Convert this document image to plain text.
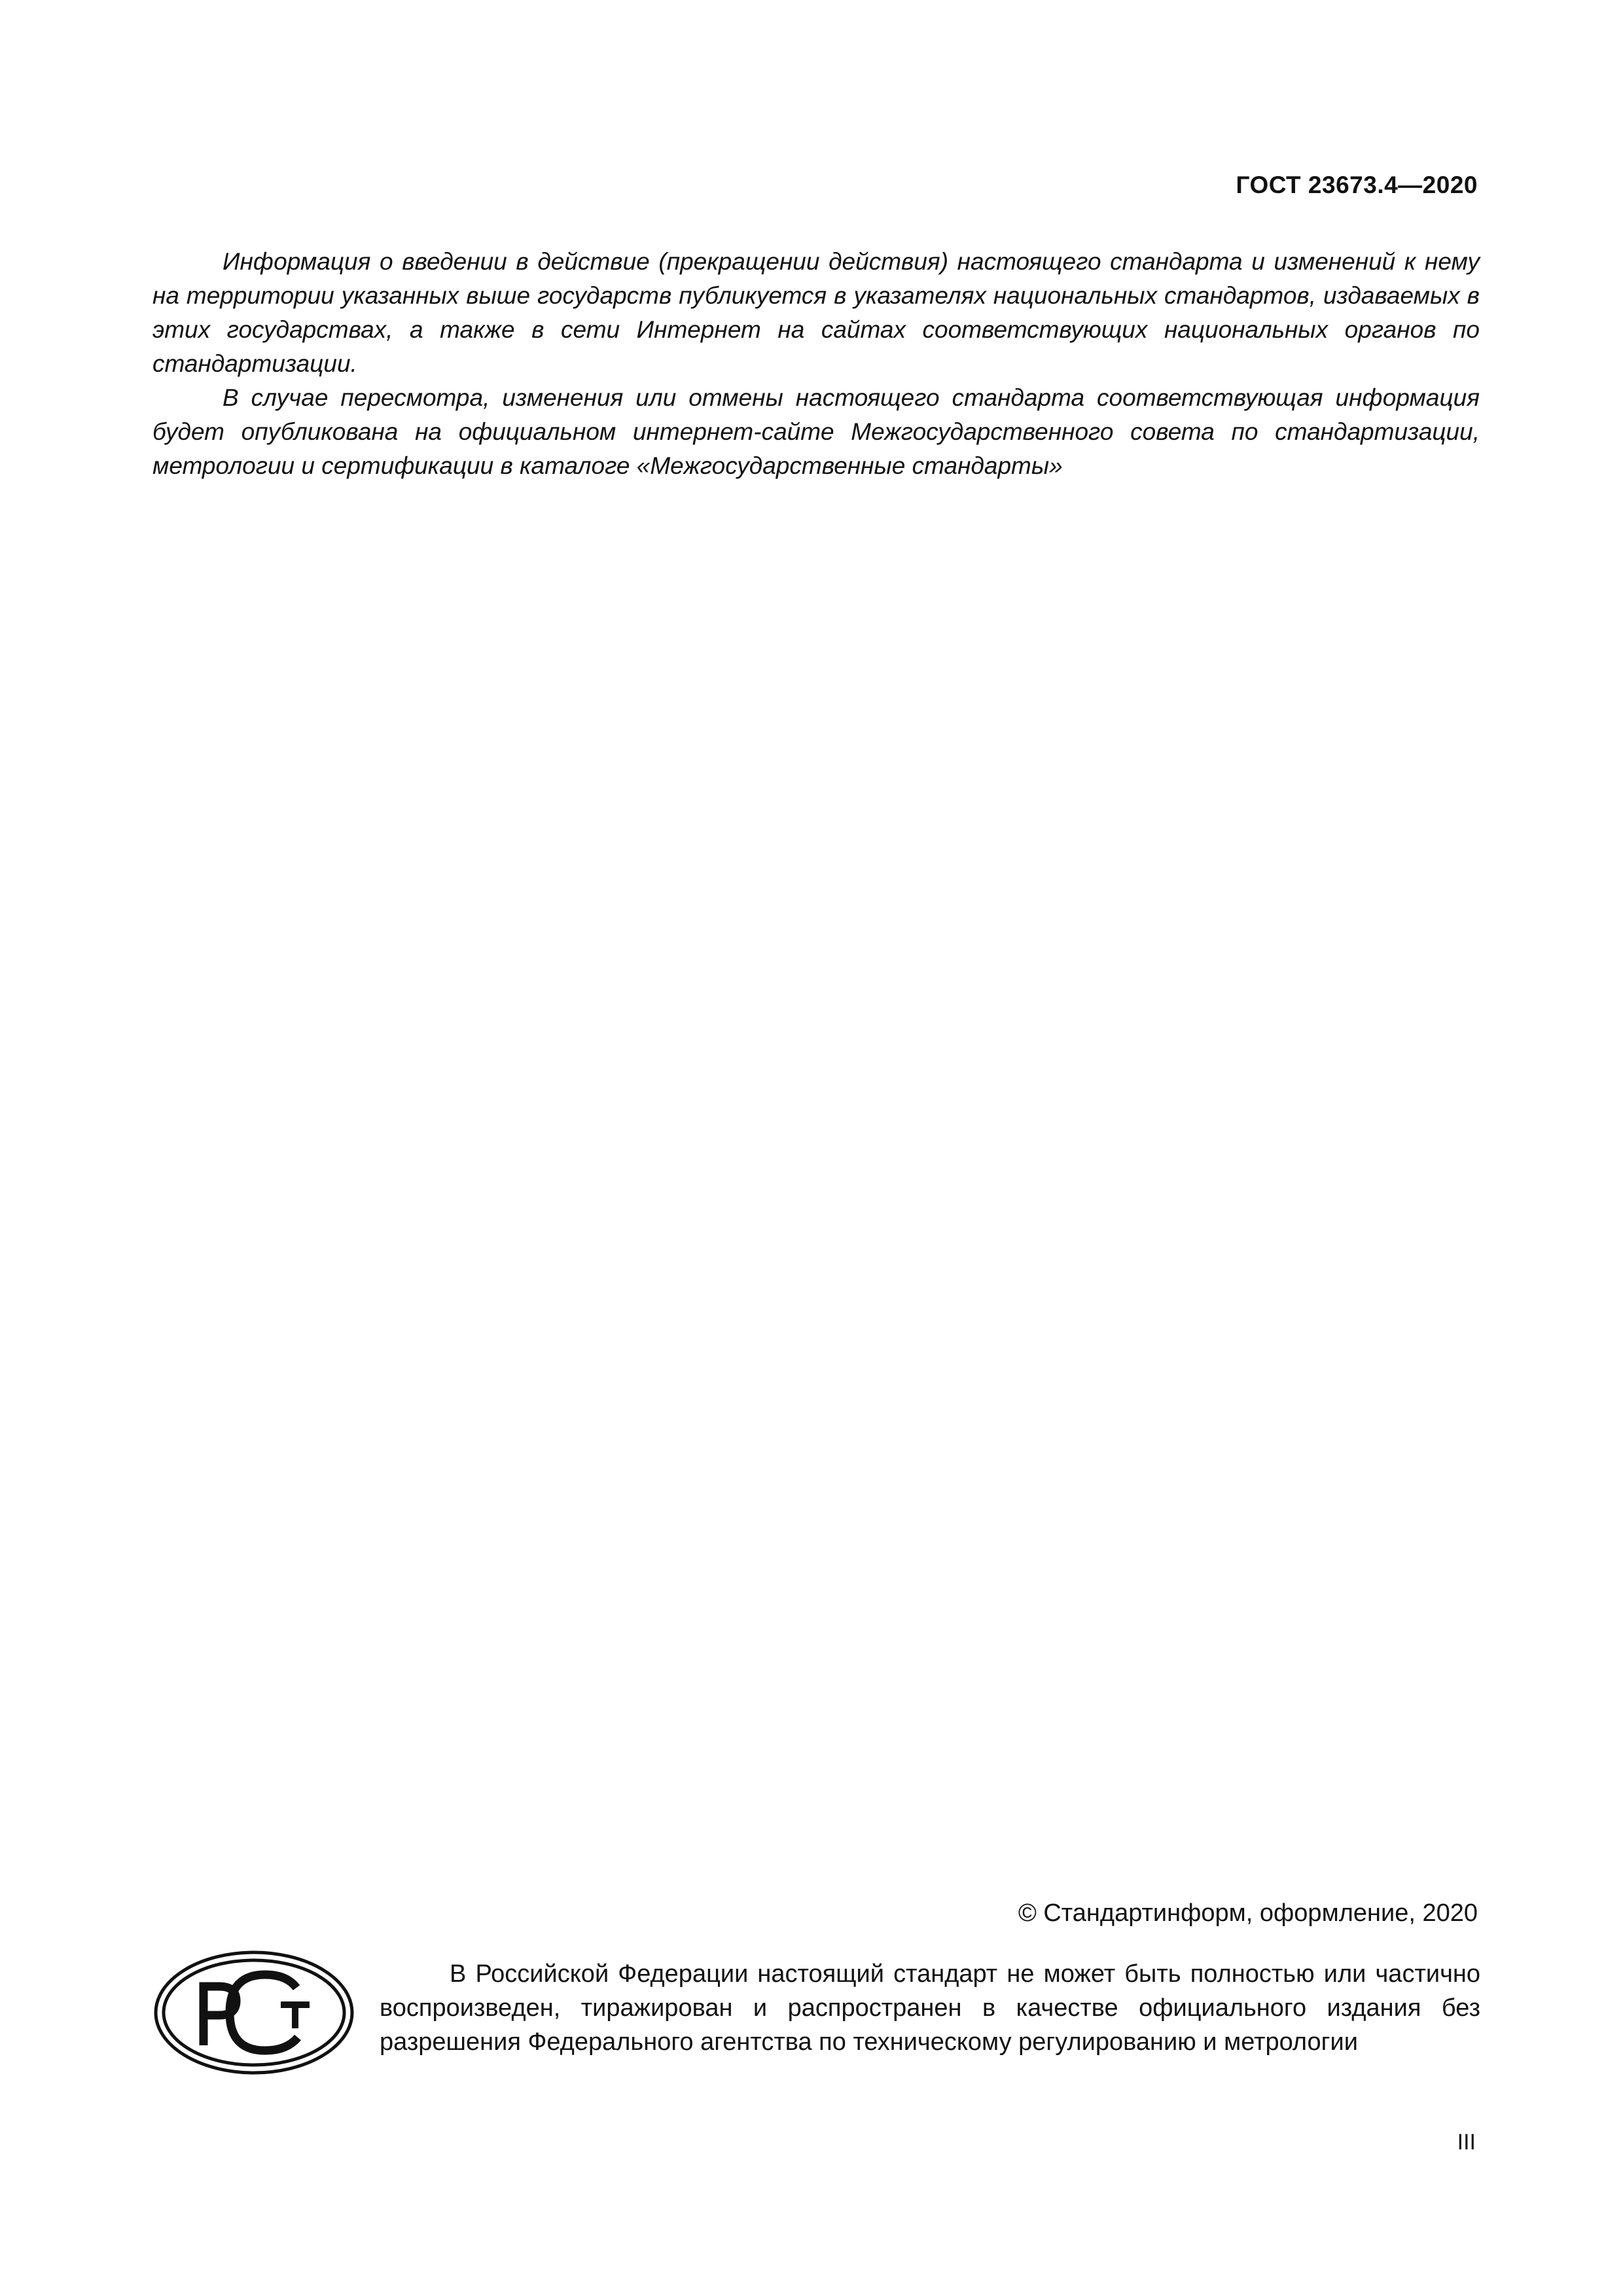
ГОСТ 23673.4—2020

Информация о введении в действие (прекращении действия) настоящего стандарта и изменений к нему на территории указанных выше государств публикуется в указателях национальных стандартов, издаваемых в этих государствах, а также в сети Интернет на сайтах соответствующих национальных органов по стандартизации.

В случае пересмотра, изменения или отмены настоящего стандарта соответствующая информация будет опубликована на официальном интернет-сайте Межгосударственного совета по стандартизации, метрологии и сертификации в каталоге «Межгосударственные стандарты»

© Стандартинформ, оформление, 2020

В Российской Федерации настоящий стандарт не может быть полностью или частично воспроизведен, тиражирован и распространен в качестве официального издания без разрешения Федерального агентства по техническому регулированию и метрологии

III
